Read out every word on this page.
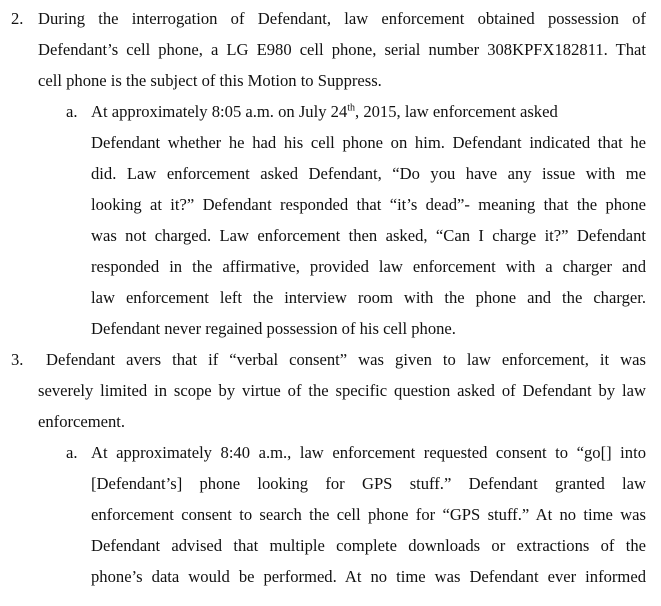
2. During the interrogation of Defendant, law enforcement obtained possession of
Defendant’s cell phone, a LG E980 cell phone, serial number 308KPFX182811. That
cell phone is the subject of this Motion to Suppress.
a. At approximately 8:05 a.m. on July 24th, 2015, law enforcement asked
Defendant whether he had his cell phone on him. Defendant indicated that he
did. Law enforcement asked Defendant, “Do you have any issue with me
looking at it?” Defendant responded that “it’s dead”- meaning that the phone
was not charged. Law enforcement then asked, “Can I charge it?” Defendant
responded in the affirmative, provided law enforcement with a charger and
law enforcement left the interview room with the phone and the charger.
Defendant never regained possession of his cell phone.
3. Defendant avers that if “verbal consent” was given to law enforcement, it was
severely limited in scope by virtue of the specific question asked of Defendant by law
enforcement.
a. At approximately 8:40 a.m., law enforcement requested consent to “go[] into
[Defendant’s] phone looking for GPS stuff.” Defendant granted law
enforcement consent to search the cell phone for “GPS stuff.” At no time was
Defendant advised that multiple complete downloads or extractions of the
phone’s data would be performed. At no time was Defendant ever informed
